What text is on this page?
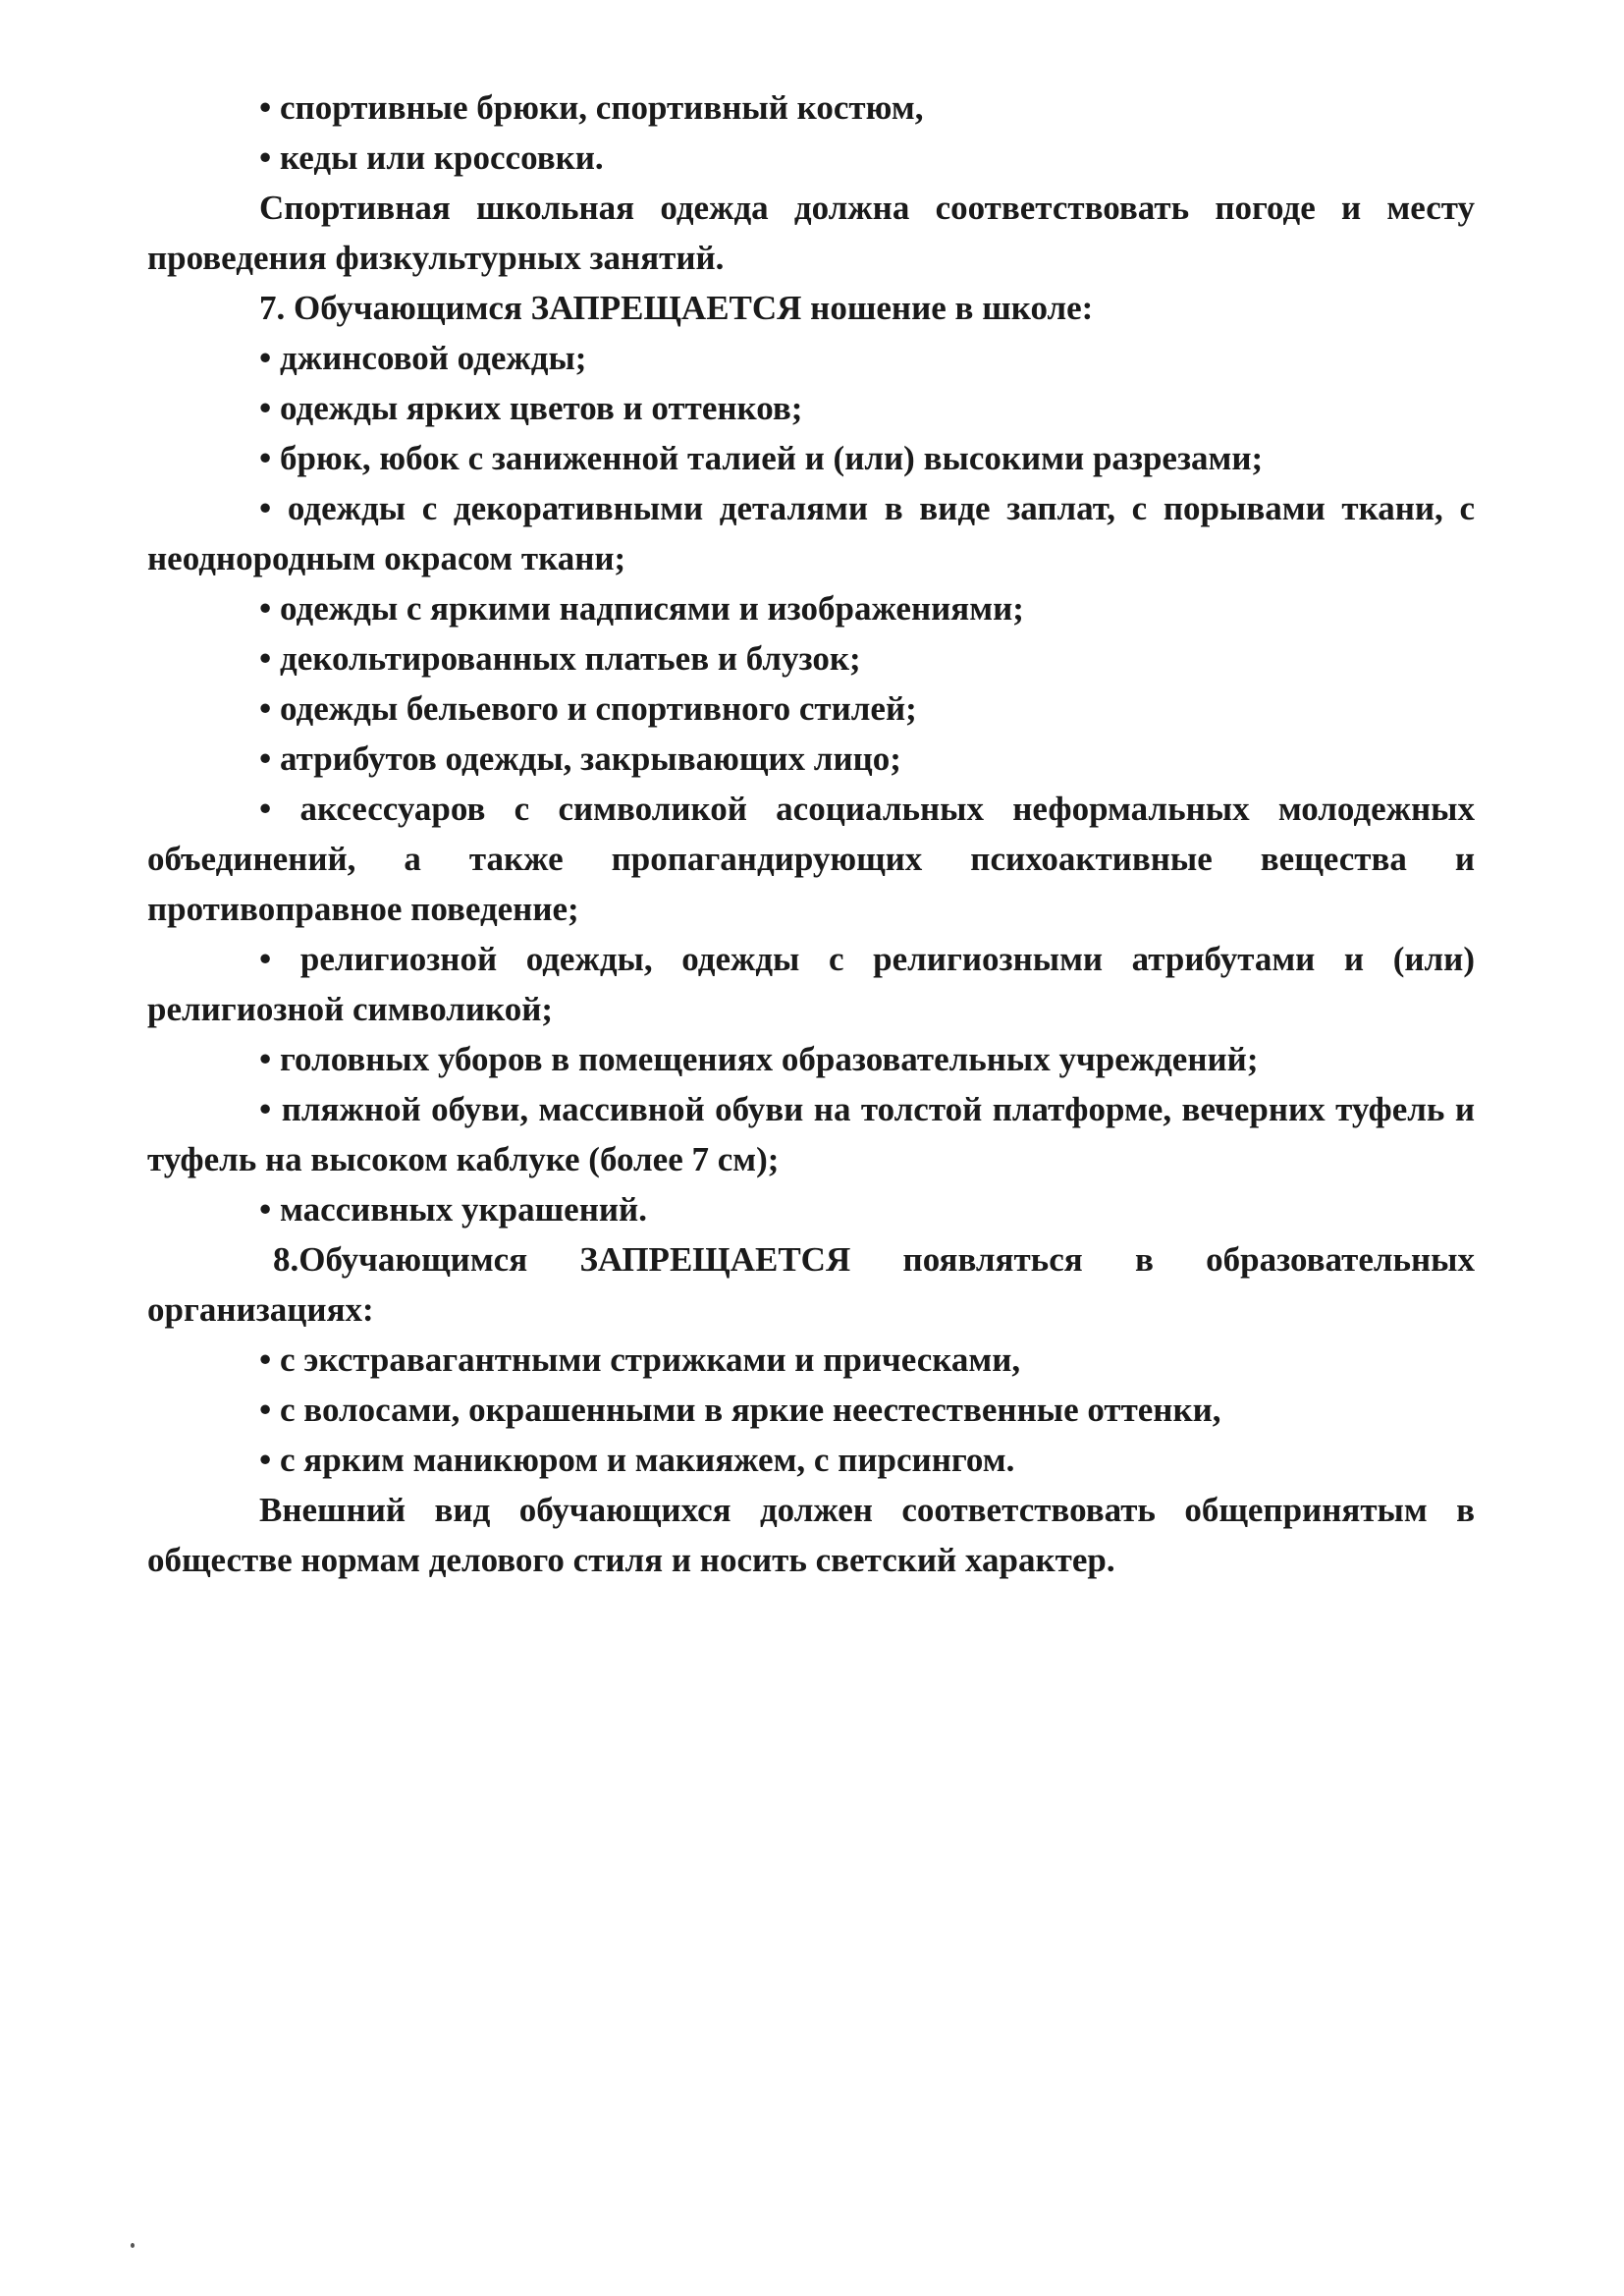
• спортивные брюки, спортивный костюм,

• кеды или кроссовки.

Спортивная школьная одежда должна соответствовать погоде и месту проведения физкультурных занятий.

7. Обучающимся ЗАПРЕЩАЕТСЯ ношение в школе:

• джинсовой одежды;

• одежды ярких цветов и оттенков;

• брюк, юбок с заниженной талией и (или) высокими разрезами;

• одежды с декоративными деталями в виде заплат, с порывами ткани, с неоднородным окрасом ткани;

• одежды с яркими надписями и изображениями;

• декольтированных платьев и блузок;

• одежды бельевого и спортивного стилей;

• атрибутов одежды, закрывающих лицо;

• аксессуаров с символикой асоциальных неформальных молодежных объединений, а также пропагандирующих психоактивные вещества и противоправное поведение;

• религиозной одежды, одежды с религиозными атрибутами и (или) религиозной символикой;

• головных уборов в помещениях образовательных учреждений;

• пляжной обуви, массивной обуви на толстой платформе, вечерних туфель и туфель на высоком каблуке (более 7 см);

• массивных украшений.

8.Обучающимся ЗАПРЕЩАЕТСЯ появляться в образовательных организациях:

• с экстравагантными стрижками и прическами,

• с волосами, окрашенными в яркие неестественные оттенки,

• с ярким маникюром и макияжем, с пирсингом.

Внешний вид обучающихся должен соответствовать общепринятым в обществе нормам делового стиля и носить светский характер.
